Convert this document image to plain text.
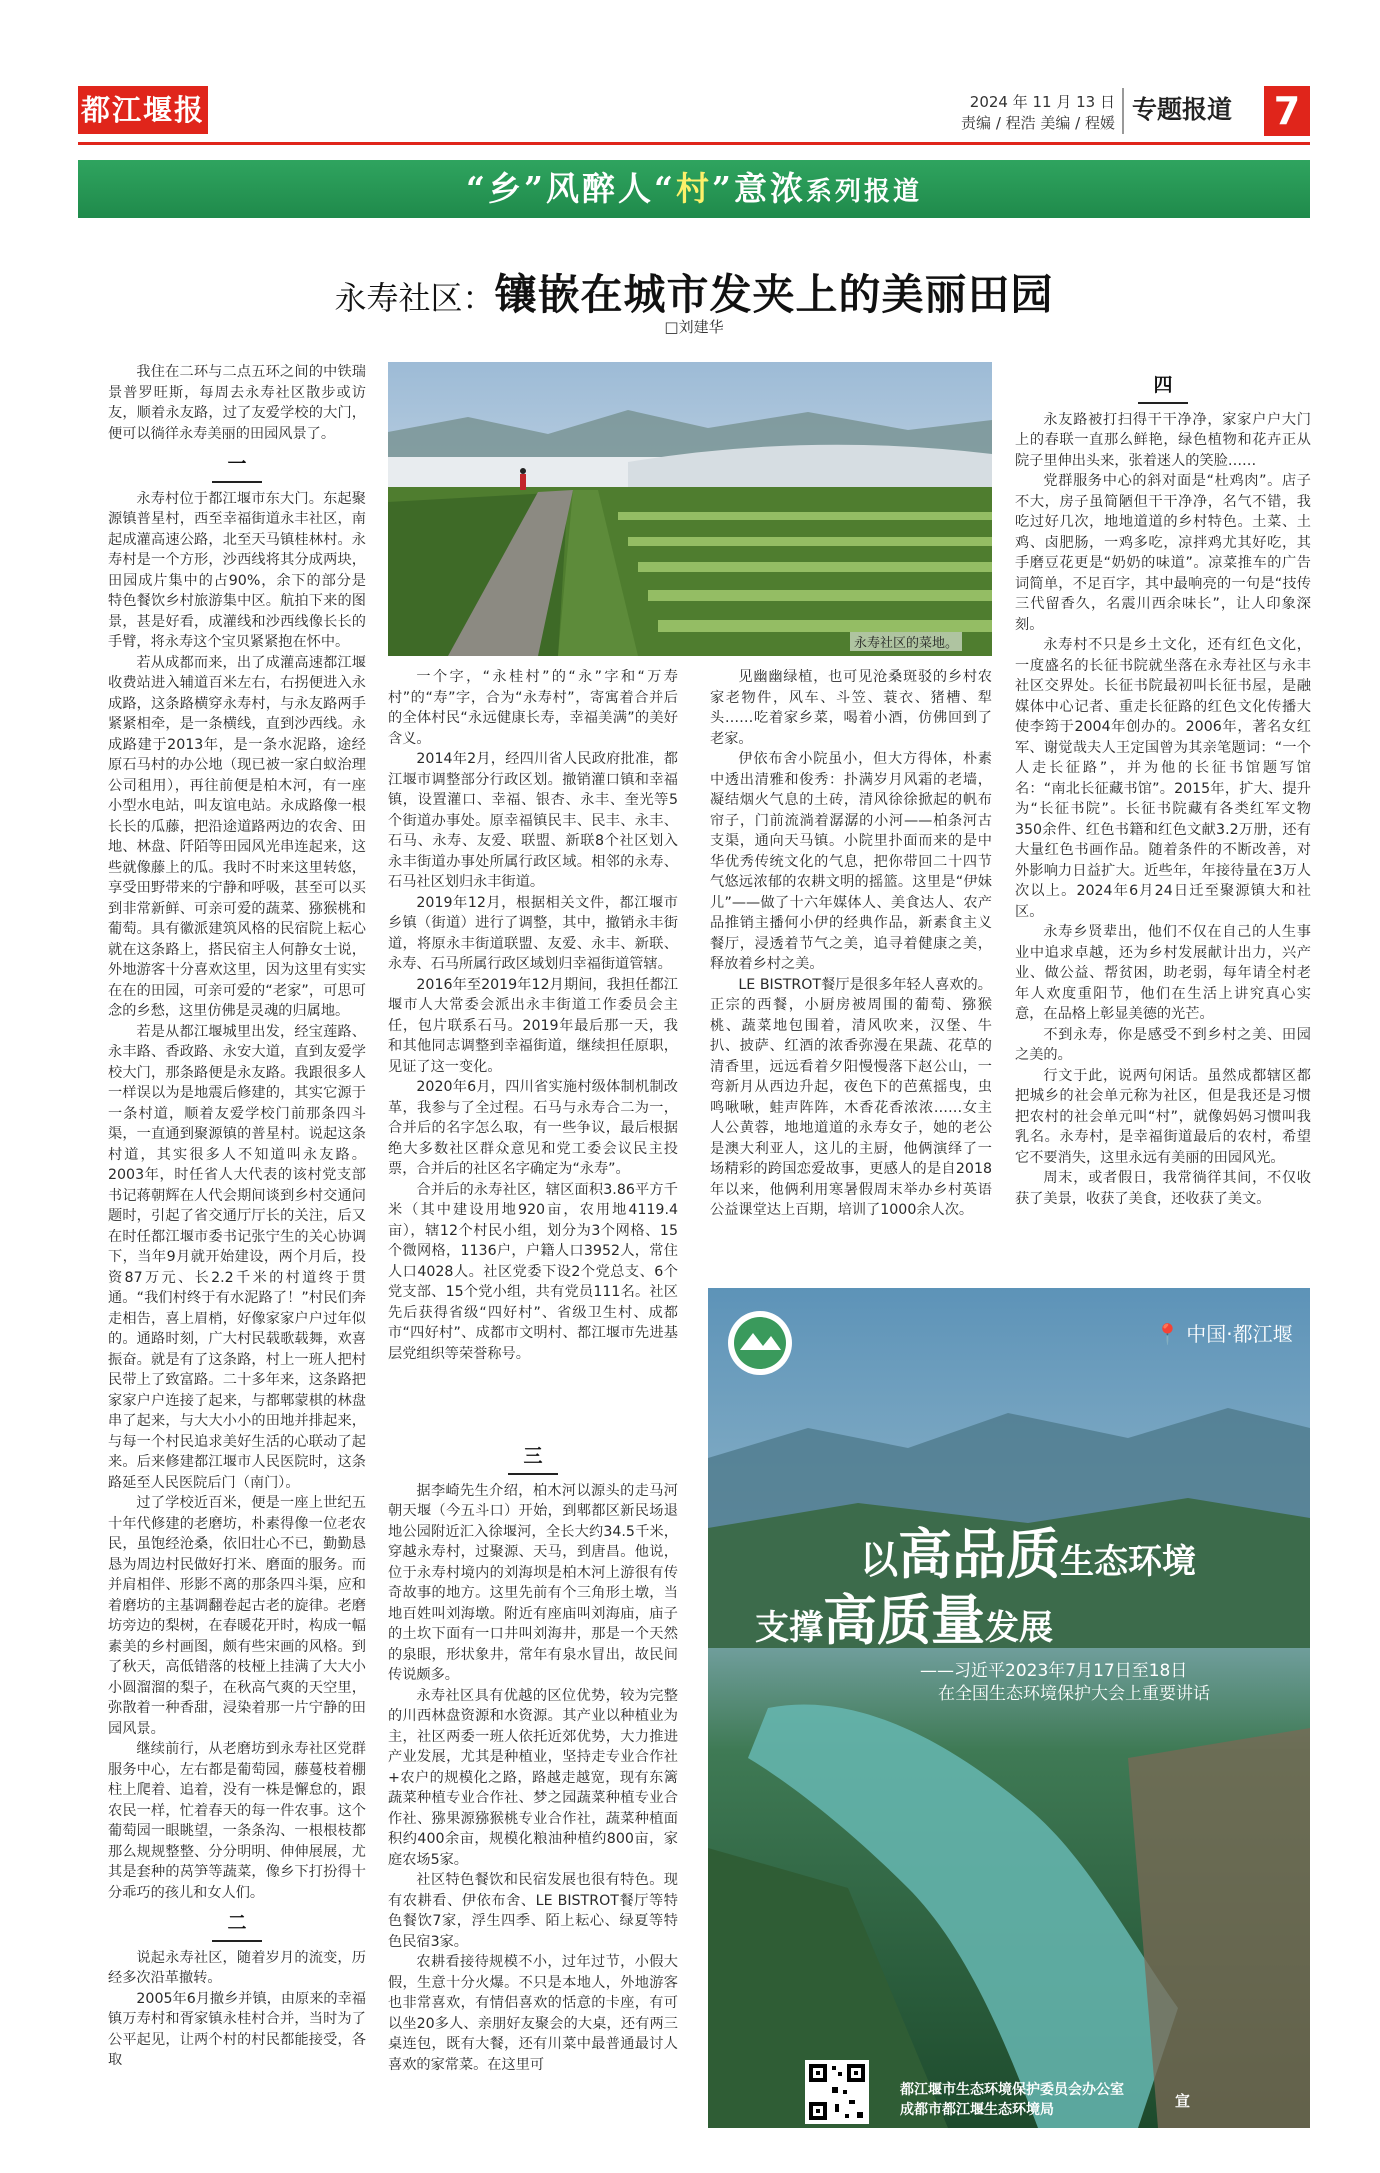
都江堰报	2024 年 11 月 13 日
责编 / 程浩 美编 / 程媛 专题报道	7
“乡”风醉人“村”意浓系列报道
永寿社区：镶嵌在城市发夹上的美丽田园
□刘建华

我住在二环与二点五环之间的中铁瑞景普罗旺斯，每周去永寿社区散步或访友，顺着永友路，过了友爱学校的大门，便可以徜徉永寿美丽的田园风景了。

一

永寿村位于都江堰市东大门。东起聚源镇普星村，西至幸福街道永丰社区，南起成灌高速公路，北至天马镇桂林村。永寿村是一个方形，沙西线将其分成两块，田园成片集中的占90%，余下的部分是特色餐饮乡村旅游集中区。航拍下来的图景，甚是好看，成灌线和沙西线像长长的手臂，将永寿这个宝贝紧紧抱在怀中。

若从成都而来，出了成灌高速都江堰收费站进入辅道百米左右，右拐便进入永成路，这条路横穿永寿村，与永友路两手紧紧相牵，是一条横线，直到沙西线。永成路建于2013年，是一条水泥路，途经原石马村的办公地（现已被一家白蚁治理公司租用），再往前便是柏木河，有一座小型水电站，叫友谊电站。永成路像一根长长的瓜藤，把沿途道路两边的农舍、田地、林盘、阡陌等田园风光串连起来，这些就像藤上的瓜。我时不时来这里转悠，享受田野带来的宁静和呼吸，甚至可以买到非常新鲜、可亲可爱的蔬菜、猕猴桃和葡萄。具有徽派建筑风格的民宿院上耘心就在这条路上，搭民宿主人何静女士说，外地游客十分喜欢这里，因为这里有实实在在的田园，可亲可爱的“老家”，可思可念的乡愁，这里仿佛是灵魂的归属地。

若是从都江堰城里出发，经宝莲路、永丰路、香政路、永安大道，直到友爱学校大门，那条路便是永友路。我跟很多人一样误以为是地震后修建的，其实它源于一条村道，顺着友爱学校门前那条四斗渠，一直通到聚源镇的普星村。说起这条村道，其实很多人不知道叫永友路。2003年，时任省人大代表的该村党支部书记蒋朝辉在人代会期间谈到乡村交通问题时，引起了省交通厅厅长的关注，后又在时任都江堰市委书记张宁生的关心协调下，当年9月就开始建设，两个月后，投资87万元、长2.2千米的村道终于贯通。“我们村终于有水泥路了！”村民们奔走相告，喜上眉梢，好像家家户户过年似的。通路时刻，广大村民载歌载舞，欢喜振奋。就是有了这条路，村上一班人把村民带上了致富路。二十多年来，这条路把家家户户连接了起来，与都郫蒙棋的林盘串了起来，与大大小小的田地并排起来，与每一个村民追求美好生活的心联动了起来。后来修建都江堰市人民医院时，这条路延至人民医院后门（南门）。

过了学校近百米，便是一座上世纪五十年代修建的老磨坊，朴素得像一位老农民，虽饱经沧桑，依旧壮心不已，勤勤恳恳为周边村民做好打米、磨面的服务。而并肩相伴、形影不离的那条四斗渠，应和着磨坊的主基调翻卷起古老的旋律。老磨坊旁边的梨树，在春暖花开时，构成一幅素美的乡村画图，颇有些宋画的风格。到了秋天，高低错落的枝桠上挂满了大大小小圆溜溜的梨子，在秋高气爽的天空里，弥散着一种香甜，浸染着那一片宁静的田园风景。

继续前行，从老磨坊到永寿社区党群服务中心，左右都是葡萄园，藤蔓枝着棚柱上爬着、追着，没有一株是懈怠的，跟农民一样，忙着春天的每一件农事。这个葡萄园一眼眺望，一条条沟、一根根枝都那么规规整整、分分明明、伸伸展展，尤其是套种的莴笋等蔬菜，像乡下打扮得十分乖巧的孩儿和女人们。

二

说起永寿社区，随着岁月的流变，历经多次沿革撤转。

2005年6月撤乡并镇，由原来的幸福镇万寿村和胥家镇永桂村合并，当时为了公平起见，让两个村的村民都能接受，各取

永寿社区的菜地。

一个字，“永桂村”的“永”字和“万寿村”的“寿”字，合为“永寿村”，寄寓着合并后的全体村民“永远健康长寿，幸福美满”的美好含义。

2014年2月，经四川省人民政府批准，都江堰市调整部分行政区划。撤销灌口镇和幸福镇，设置灌口、幸福、银杏、永丰、奎光等5个街道办事处。原幸福镇民丰、民丰、永丰、石马、永寿、友爱、联盟、新联8个社区划入永丰街道办事处所属行政区域。相邻的永寿、石马社区划归永丰街道。

2019年12月，根据相关文件，都江堰市乡镇（街道）进行了调整，其中，撤销永丰街道，将原永丰街道联盟、友爱、永丰、新联、永寿、石马所属行政区域划归幸福街道管辖。

2016年至2019年12月期间，我担任都江堰市人大常委会派出永丰街道工作委员会主任，包片联系石马。2019年最后那一天，我和其他同志调整到幸福街道，继续担任原职，见证了这一变化。

2020年6月，四川省实施村级体制机制改革，我参与了全过程。石马与永寿合二为一，合并后的名字怎么取，有一些争议，最后根据绝大多数社区群众意见和党工委会议民主投票，合并后的社区名字确定为“永寿”。

合并后的永寿社区，辖区面积3.86平方千米（其中建设用地920亩，农用地4119.4亩），辖12个村民小组，划分为3个网格、15个微网格，1136户，户籍人口3952人，常住人口4028人。社区党委下设2个党总支、6个党支部、15个党小组，共有党员111名。社区先后获得省级“四好村”、省级卫生村、成都市“四好村”、成都市文明村、都江堰市先进基层党组织等荣誉称号。

三

据李崎先生介绍，柏木河以源头的走马河朝天堰（今五斗口）开始，到郫都区新民场退地公园附近汇入徐堰河，全长大约34.5千米，穿越永寿村，过聚源、天马，到唐昌。他说，位于永寿村境内的刘海坝是柏木河上游很有传奇故事的地方。这里先前有个三角形土墩，当地百姓叫刘海墩。附近有座庙叫刘海庙，庙子的土坎下面有一口井叫刘海井，那是一个天然的泉眼，形状象井，常年有泉水冒出，故民间传说颇多。

永寿社区具有优越的区位优势，较为完整的川西林盘资源和水资源。其产业以种植业为主，社区两委一班人依托近郊优势，大力推进产业发展，尤其是种植业，坚持走专业合作社+农户的规模化之路，路越走越宽，现有东篱蔬菜种植专业合作社、梦之园蔬菜种植专业合作社、猕果源猕猴桃专业合作社，蔬菜种植面积约400余亩，规模化粮油种植约800亩，家庭农场5家。

社区特色餐饮和民宿发展也很有特色。现有农耕看、伊依布舍、LE BISTROT餐厅等特色餐饮7家，浮生四季、陌上耘心、绿夏等特色民宿3家。

农耕看接待规模不小，过年过节，小假大假，生意十分火爆。不只是本地人，外地游客也非常喜欢，有情侣喜欢的恬意的卡座，有可以坐20多人、亲朋好友聚会的大桌，还有两三桌连包，既有大餐，还有川菜中最普通最讨人喜欢的家常菜。在这里可

见幽幽绿植，也可见沧桑斑驳的乡村农家老物件，风车、斗笠、蓑衣、猪槽、犁头……吃着家乡菜，喝着小酒，仿佛回到了老家。

伊依布舍小院虽小，但大方得体，朴素中透出清雅和俊秀：扑满岁月风霜的老墙，凝结烟火气息的土砖，清风徐徐掀起的帆布帘子，门前流淌着潺潺的小河——柏条河古支渠，通向天马镇。小院里扑面而来的是中华优秀传统文化的气息，把你带回二十四节气悠远浓郁的农耕文明的摇篮。这里是“伊妹儿”——做了十六年媒体人、美食达人、农产品推销主播何小伊的经典作品，新素食主义餐厅，浸透着节气之美，追寻着健康之美，释放着乡村之美。

LE BISTROT餐厅是很多年轻人喜欢的。正宗的西餐，小厨房被周围的葡萄、猕猴桃、蔬菜地包围着，清风吹来，汉堡、牛扒、披萨、红酒的浓香弥漫在果蔬、花草的清香里，远远看着夕阳慢慢落下赵公山，一弯新月从西边升起，夜色下的芭蕉摇曳，虫鸣啾啾，蛙声阵阵，木香花香浓浓……女主人公黄蓉，地地道道的永寿女子，她的老公是澳大利亚人，这儿的主厨，他俩演绎了一场精彩的跨国恋爱故事，更感人的是自2018年以来，他俩利用寒暑假周末举办乡村英语公益课堂达上百期，培训了1000余人次。

四

永友路被打扫得干干净净，家家户户大门上的春联一直那么鲜艳，绿色植物和花卉正从院子里伸出头来，张着迷人的笑脸……

党群服务中心的斜对面是“杜鸡肉”。店子不大，房子虽简陋但干干净净，名气不错，我吃过好几次，地地道道的乡村特色。土菜、土鸡、卤肥肠，一鸡多吃，凉拌鸡尤其好吃，其手磨豆花更是“奶奶的味道”。凉菜推车的广告词简单，不足百字，其中最响亮的一句是“技传三代留香久，名震川西余味长”，让人印象深刻。

永寿村不只是乡土文化，还有红色文化，一度盛名的长征书院就坐落在永寿社区与永丰社区交界处。长征书院最初叫长征书屋，是融媒体中心记者、重走长征路的红色文化传播大使李筠于2004年创办的。2006年，著名女红军、谢觉哉夫人王定国曾为其亲笔题词：“一个人走长征路”，并为他的长征书馆题写馆名：“南北长征藏书馆”。2015年，扩大、提升为“长征书院”。长征书院藏有各类红军文物350余件、红色书籍和红色文献3.2万册，还有大量红色书画作品。随着条件的不断改善，对外影响力日益扩大。近些年，年接待量在3万人次以上。2024年6月24日迁至聚源镇大和社区。

永寿乡贤辈出，他们不仅在自己的人生事业中追求卓越，还为乡村发展献计出力，兴产业、做公益、帮贫困，助老弱，每年请全村老年人欢度重阳节，他们在生活上讲究真心实意，在品格上彰显美德的光芒。

不到永寿，你是感受不到乡村之美、田园之美的。

行文于此，说两句闲话。虽然成都辖区都把城乡的社会单元称为社区，但是我还是习惯把农村的社会单元叫“村”，就像妈妈习惯叫我乳名。永寿村，是幸福街道最后的农村，希望它不要消失，这里永远有美丽的田园风光。

周末，或者假日，我常徜徉其间，不仅收获了美景，收获了美食，还收获了美文。

📍 中国·都江堰
以高品质生态环境
支撑高质量发展
——习近平2023年7月17日至18日
在全国生态环境保护大会上重要讲话
都江堰市生态环境保护委员会办公室
成都市都江堰生态环境局	宣
